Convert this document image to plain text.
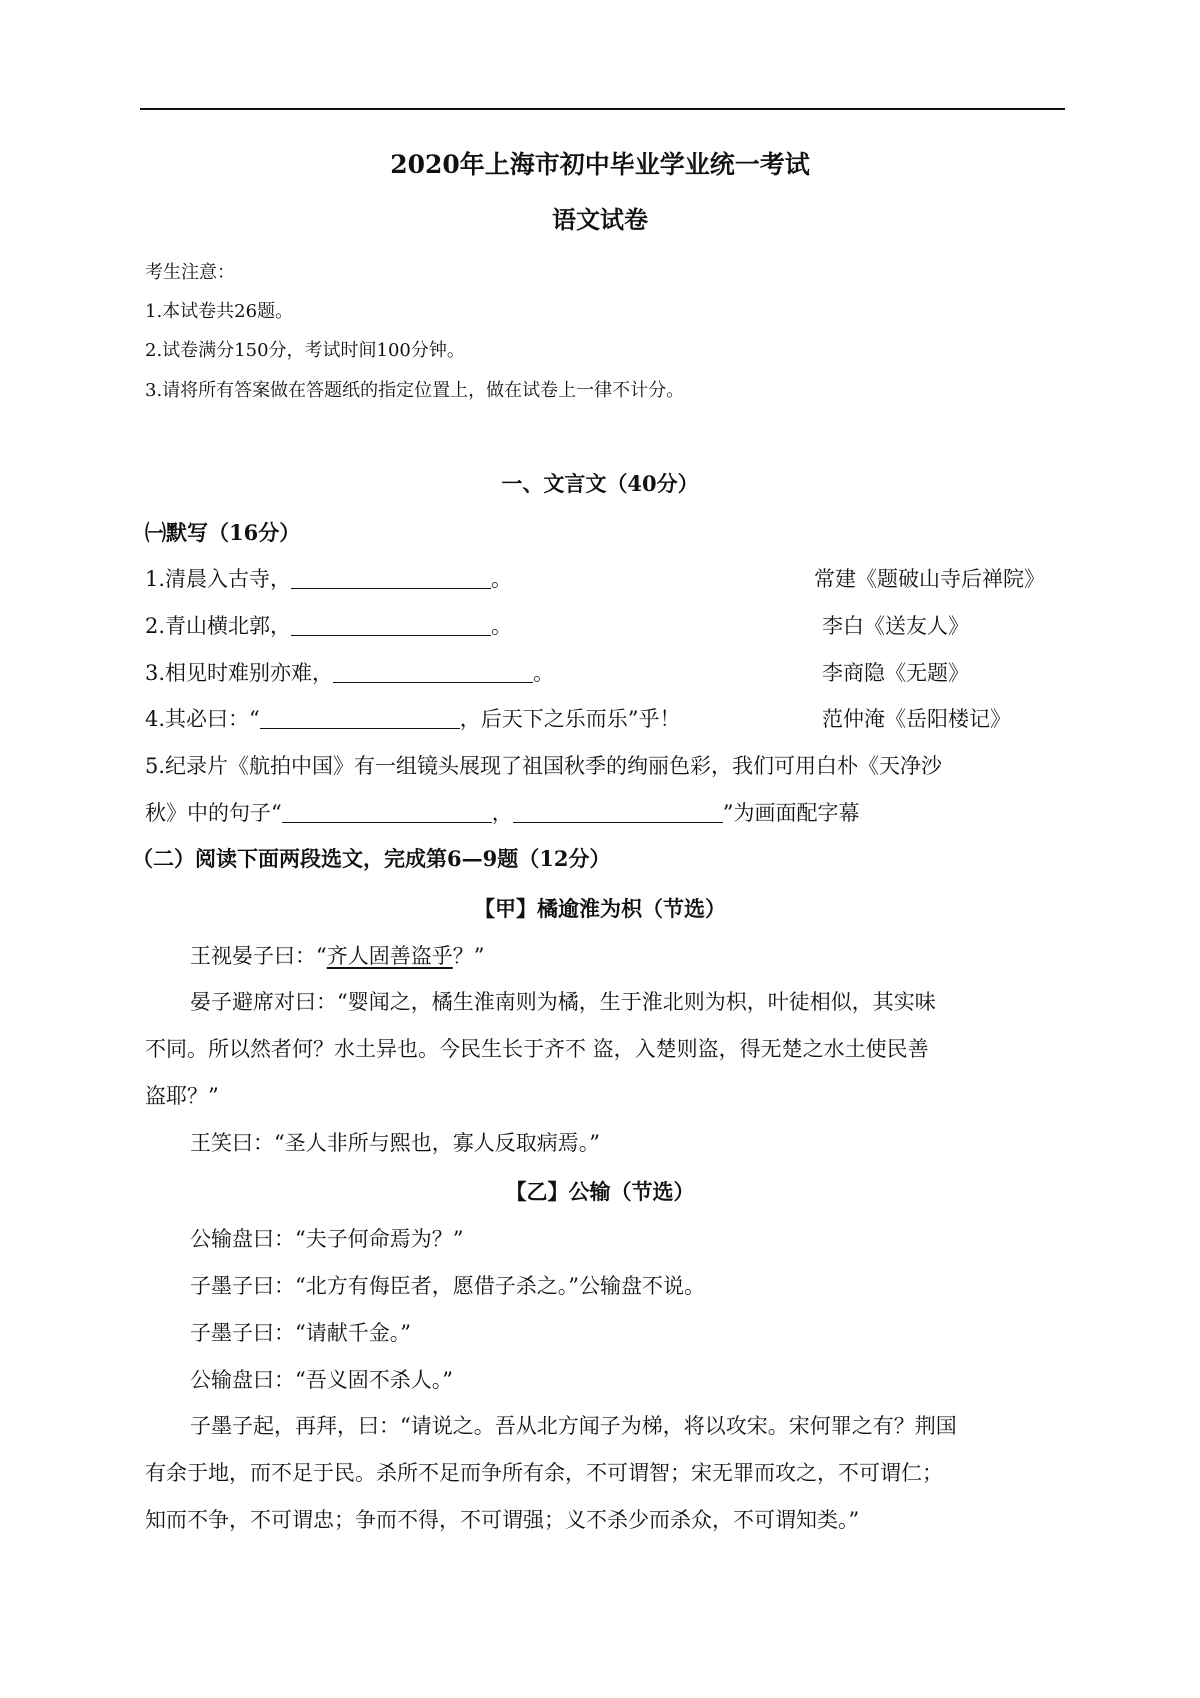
2020年上海市初中毕业学业统一考试
语文试卷
考生注意：
1.本试卷共26题。
2.试卷满分150分，考试时间100分钟。
3.请将所有答案做在答题纸的指定位置上，做在试卷上一律不计分。
一、文言文（40分）
㈠默写（16分）
1.清晨入古寺，	。	常建《题破山寺后禅院》
2.青山横北郭，	。	李白《送友人》
3.相见时难别亦难，	。	李商隐《无题》
4.其必曰：“	，后天下之乐而乐”乎！	范仲淹《岳阳楼记》
5.纪录片《航拍中国》有一组镜头展现了祖国秋季的绚丽色彩，我们可用白朴《天净沙
秋》中的句子“	，	”为画面配字幕
（二）阅读下面两段选文，完成第6—9题（12分）
【甲】橘逾淮为枳（节选）
王视晏子曰：“齐人固善盗乎？”
晏子避席对曰：“婴闻之，橘生淮南则为橘，生于淮北则为枳，叶徒相似，其实味
不同。所以然者何？水土异也。今民生长于齐不 盗，入楚则盗，得无楚之水土使民善
盗耶？”
王笑曰：“圣人非所与熙也，寡人反取病焉。”
【乙】公输（节选）
公输盘曰：“夫子何命焉为？”
子墨子曰：“北方有侮臣者，愿借子杀之。”公输盘不说。
子墨子曰：“请献千金。”
公输盘曰：“吾义固不杀人。”
子墨子起，再拜，曰：“请说之。吾从北方闻子为梯，将以攻宋。宋何罪之有？荆国
有余于地，而不足于民。杀所不足而争所有余，不可谓智；宋无罪而攻之，不可谓仁；
知而不争，不可谓忠；争而不得，不可谓强；义不杀少而杀众，不可谓知类。”
